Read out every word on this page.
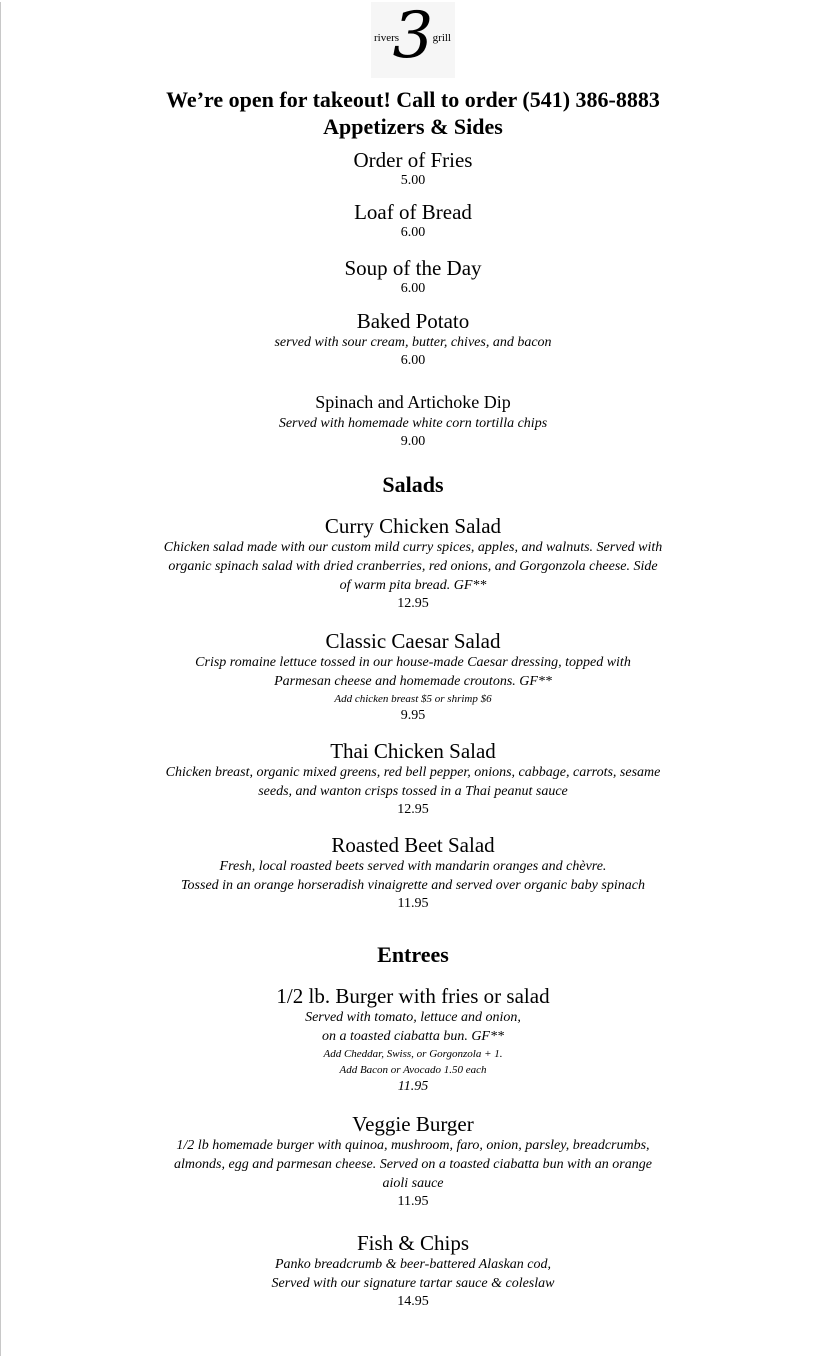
rivers
3 grill
We’re open for takeout! Call to order (541) 386-8883
Appetizers & Sides
Order of Fries
5.00
Loaf of Bread
6.00
Soup of the Day
6.00
Baked Potato
served with sour cream, butter, chives, and bacon
6.00
Spinach and Artichoke Dip
Served with homemade white corn tortilla chips
9.00
Salads
Curry Chicken Salad
Chicken salad made with our custom mild curry spices, apples, and walnuts. Served with
organic spinach salad with dried cranberries, red onions, and Gorgonzola cheese. Side
of warm pita bread. GF**
12.95
Classic Caesar Salad
Crisp romaine lettuce tossed in our house-made Caesar dressing, topped with
Parmesan cheese and homemade croutons. GF**
Add chicken breast $5 or shrimp $6
9.95
Thai Chicken Salad
Chicken breast, organic mixed greens, red bell pepper, onions, cabbage, carrots, sesame
seeds, and wanton crisps tossed in a Thai peanut sauce
12.95
Roasted Beet Salad
Fresh, local roasted beets served with mandarin oranges and chèvre.
Tossed in an orange horseradish vinaigrette and served over organic baby spinach
11.95
Entrees
1/2 lb. Burger with fries or salad
Served with tomato, lettuce and onion,
on a toasted ciabatta bun. GF**
Add Cheddar, Swiss, or Gorgonzola + 1.
Add Bacon or Avocado 1.50 each
11.95
Veggie Burger
1/2 lb homemade burger with quinoa, mushroom, faro, onion, parsley, breadcrumbs,
almonds, egg and parmesan cheese. Served on a toasted ciabatta bun with an orange
aioli sauce
11.95
Fish & Chips
Panko breadcrumb & beer-battered Alaskan cod,
Served with our signature tartar sauce & coleslaw
14.95
